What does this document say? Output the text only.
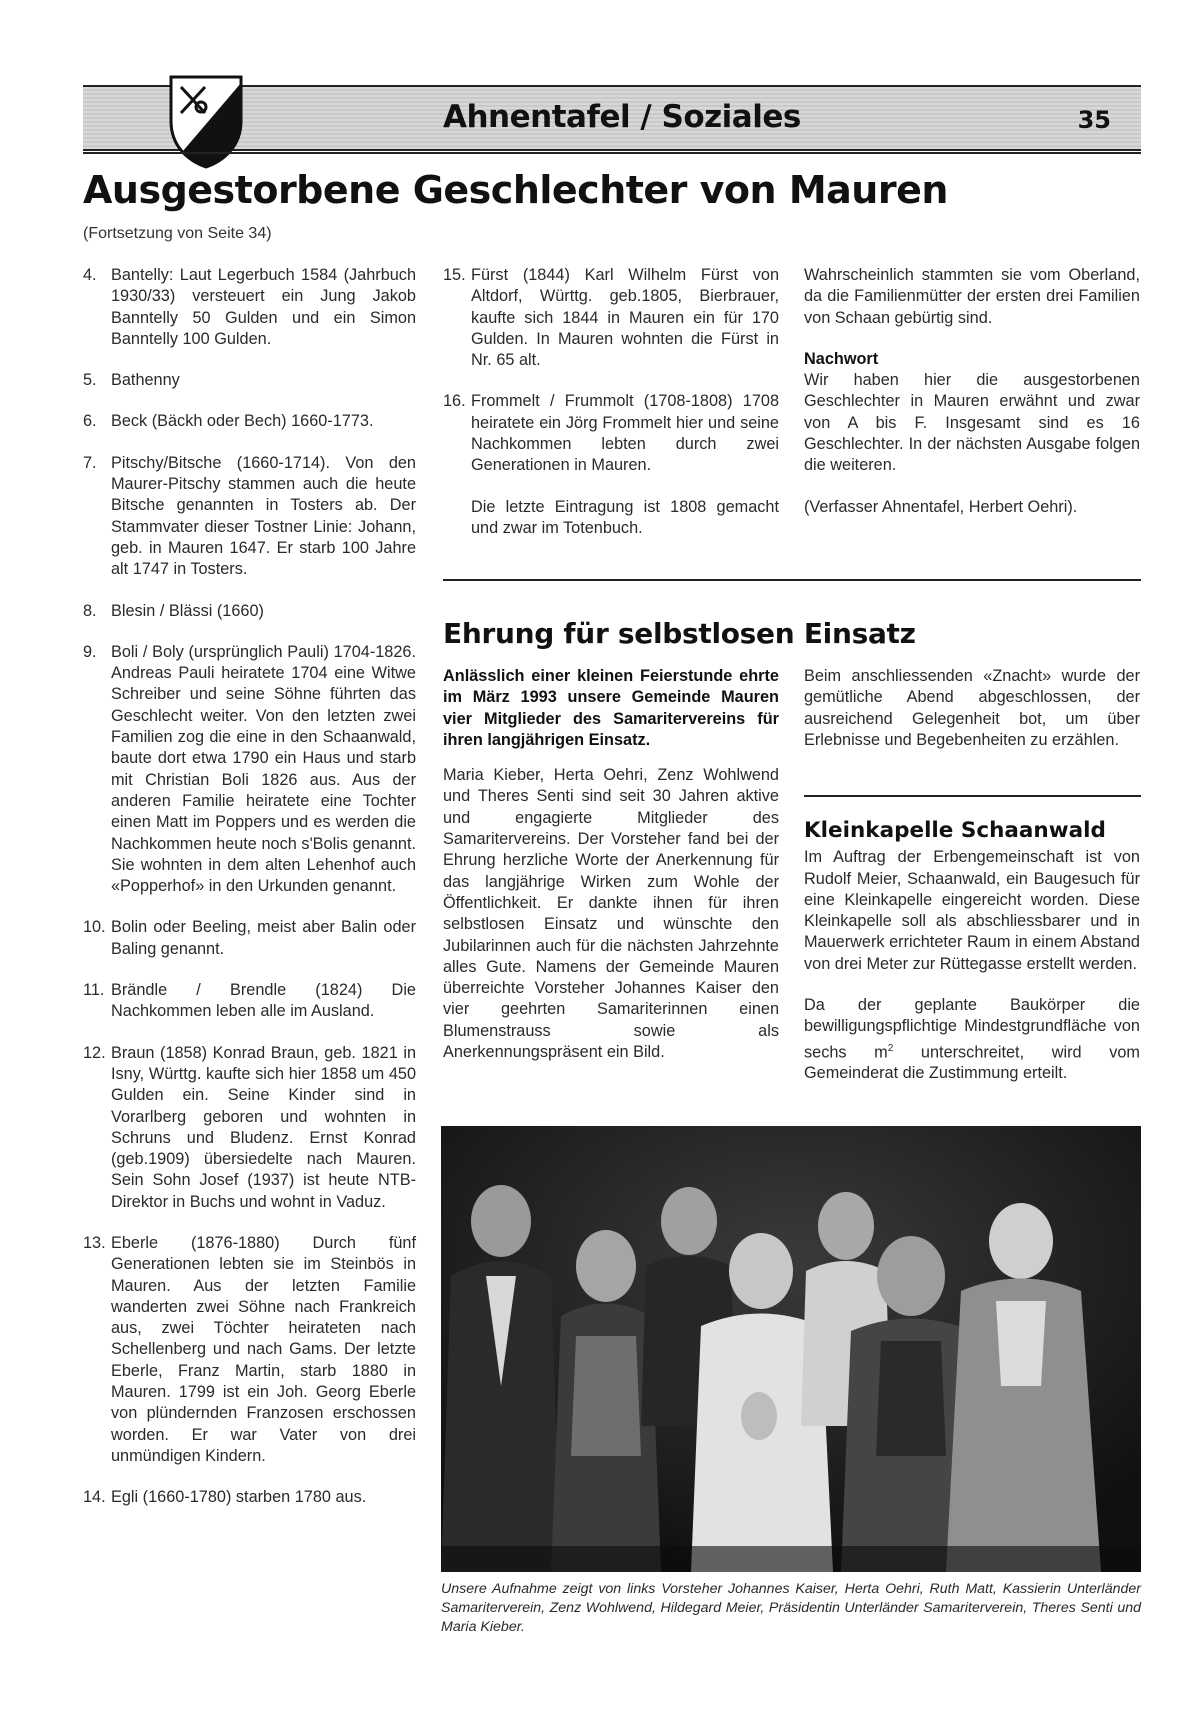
Ahnentafel / Soziales	35
Ausgestorbene Geschlechter von Mauren
(Fortsetzung von Seite 34)
4. Bantelly: Laut Legerbuch 1584 (Jahrbuch 1930/33) versteuert ein Jung Jakob Banntelly 50 Gulden und ein Simon Banntelly 100 Gulden.
5. Bathenny
6. Beck (Bäckh oder Bech) 1660-1773.
7. Pitschy/Bitsche (1660-1714). Von den Maurer-Pitschy stammen auch die heute Bitsche genannten in Tosters ab. Der Stammvater dieser Tostner Linie: Johann, geb. in Mauren 1647. Er starb 100 Jahre alt 1747 in Tosters.
8. Blesin / Blässi (1660)
9. Boli / Boly (ursprünglich Pauli) 1704-1826. Andreas Pauli heiratete 1704 eine Witwe Schreiber und seine Söhne führten das Geschlecht weiter. Von den letzten zwei Familien zog die eine in den Schaanwald, baute dort etwa 1790 ein Haus und starb mit Christian Boli 1826 aus. Aus der anderen Familie heiratete eine Tochter einen Matt im Poppers und es werden die Nachkommen heute noch s'Bolis genannt. Sie wohnten in dem alten Lehenhof auch «Popperhof» in den Urkunden genannt.
10. Bolin oder Beeling, meist aber Balin oder Baling genannt.
11. Brändle / Brendle (1824) Die Nachkommen leben alle im Ausland.
12. Braun (1858) Konrad Braun, geb. 1821 in Isny, Württg. kaufte sich hier 1858 um 450 Gulden ein. Seine Kinder sind in Vorarlberg geboren und wohnten in Schruns und Bludenz. Ernst Konrad (geb.1909) übersiedelte nach Mauren. Sein Sohn Josef (1937) ist heute NTB-Direktor in Buchs und wohnt in Vaduz.
13. Eberle (1876-1880) Durch fünf Generationen lebten sie im Steinbös in Mauren. Aus der letzten Familie wanderten zwei Söhne nach Frankreich aus, zwei Töchter heirateten nach Schellenberg und nach Gams. Der letzte Eberle, Franz Martin, starb 1880 in Mauren. 1799 ist ein Joh. Georg Eberle von plündernden Franzosen erschossen worden. Er war Vater von drei unmündigen Kindern.
14. Egli (1660-1780) starben 1780 aus.
15. Fürst (1844) Karl Wilhelm Fürst von Altdorf, Württg. geb.1805, Bierbrauer, kaufte sich 1844 in Mauren ein für 170 Gulden. In Mauren wohnten die Fürst in Nr. 65 alt.
16. Frommelt / Frummolt (1708-1808) 1708 heiratete ein Jörg Frommelt hier und seine Nachkommen lebten durch zwei Generationen in Mauren.
Die letzte Eintragung ist 1808 gemacht und zwar im Totenbuch.
Wahrscheinlich stammten sie vom Oberland, da die Familienmütter der ersten drei Familien von Schaan gebürtig sind.
Nachwort
Wir haben hier die ausgestorbenen Geschlechter in Mauren erwähnt und zwar von A bis F. Insgesamt sind es 16 Geschlechter. In der nächsten Ausgabe folgen die weiteren.
(Verfasser Ahnentafel, Herbert Oehri).
Ehrung für selbstlosen Einsatz
Anlässlich einer kleinen Feierstunde ehrte im März 1993 unsere Gemeinde Mauren vier Mitglieder des Samaritervereins für ihren langjährigen Einsatz.
Maria Kieber, Herta Oehri, Zenz Wohlwend und Theres Senti sind seit 30 Jahren aktive und engagierte Mitglieder des Samaritervereins. Der Vorsteher fand bei der Ehrung herzliche Worte der Anerkennung für das langjährige Wirken zum Wohle der Öffentlichkeit. Er dankte ihnen für ihren selbstlosen Einsatz und wünschte den Jubilarinnen auch für die nächsten Jahrzehnte alles Gute. Namens der Gemeinde Mauren überreichte Vorsteher Johannes Kaiser den vier geehrten Samariterinnen einen Blumenstrauss sowie als Anerkennungspräsent ein Bild.
Beim anschliessenden «Znacht» wurde der gemütliche Abend abgeschlossen, der ausreichend Gelegenheit bot, um über Erlebnisse und Begebenheiten zu erzählen.
Kleinkapelle Schaanwald
Im Auftrag der Erbengemeinschaft ist von Rudolf Meier, Schaanwald, ein Baugesuch für eine Kleinkapelle eingereicht worden. Diese Kleinkapelle soll als abschliessbarer und in Mauerwerk errichteter Raum in einem Abstand von drei Meter zur Rüttegasse erstellt werden.
Da der geplante Baukörper die bewilligungspflichtige Mindestgrundfläche von sechs $m^2$ unterschreitet, wird vom Gemeinderat die Zustimmung erteilt.
Unsere Aufnahme zeigt von links Vorsteher Johannes Kaiser, Herta Oehri, Ruth Matt, Kassierin Unterländer Samariterverein, Zenz Wohlwend, Hildegard Meier, Präsidentin Unterländer Samariterverein, Theres Senti und Maria Kieber.
